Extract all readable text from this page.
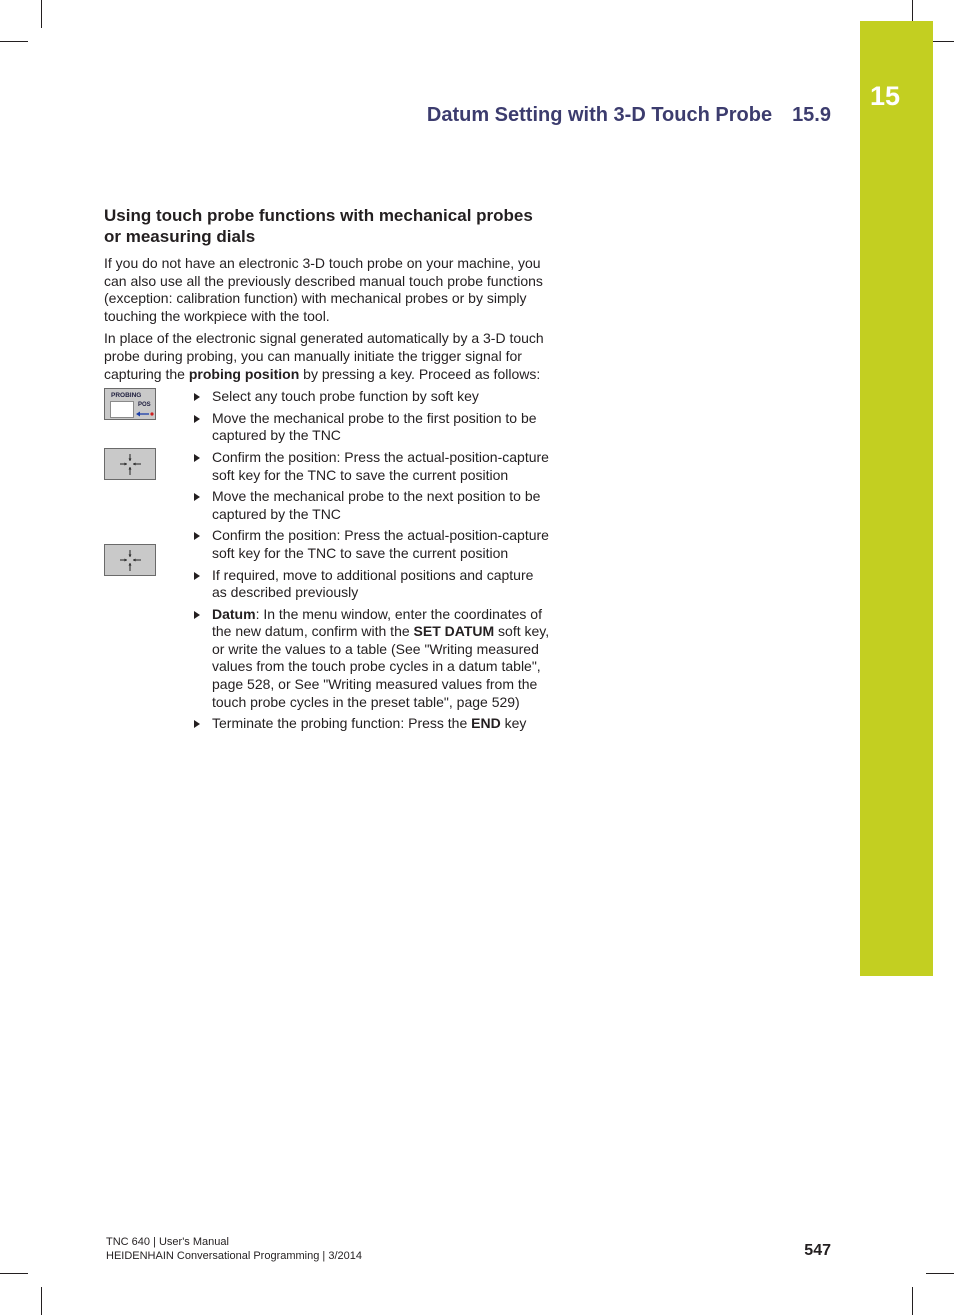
15
Datum Setting with 3-D Touch Probe 15.9
Using touch probe functions with mechanical probes
or measuring dials

If you do not have an electronic 3-D touch probe on your machine, you can also use all the previously described manual touch probe functions (exception: calibration function) with mechanical probes or by simply touching the workpiece with the tool.

In place of the electronic signal generated automatically by a 3-D touch probe during probing, you can manually initiate the trigger signal for capturing the probing position by pressing a key. Proceed as follows:

PROBING
POS
Select any touch probe function by soft key
Move the mechanical probe to the first position to be captured by the TNC
Confirm the position: Press the actual-position-capture soft key for the TNC to save the current position
Move the mechanical probe to the next position to be captured by the TNC
Confirm the position: Press the actual-position-capture soft key for the TNC to save the current position
If required, move to additional positions and capture as described previously
Datum: In the menu window, enter the coordinates of the new datum, confirm with the SET DATUM soft key, or write the values to a table (See "Writing measured values from the touch probe cycles in a datum table", page 528, or See "Writing measured values from the touch probe cycles in the preset table", page 529)
Terminate the probing function: Press the END key
TNC 640 | User's Manual
HEIDENHAIN Conversational Programming | 3/2014	547
